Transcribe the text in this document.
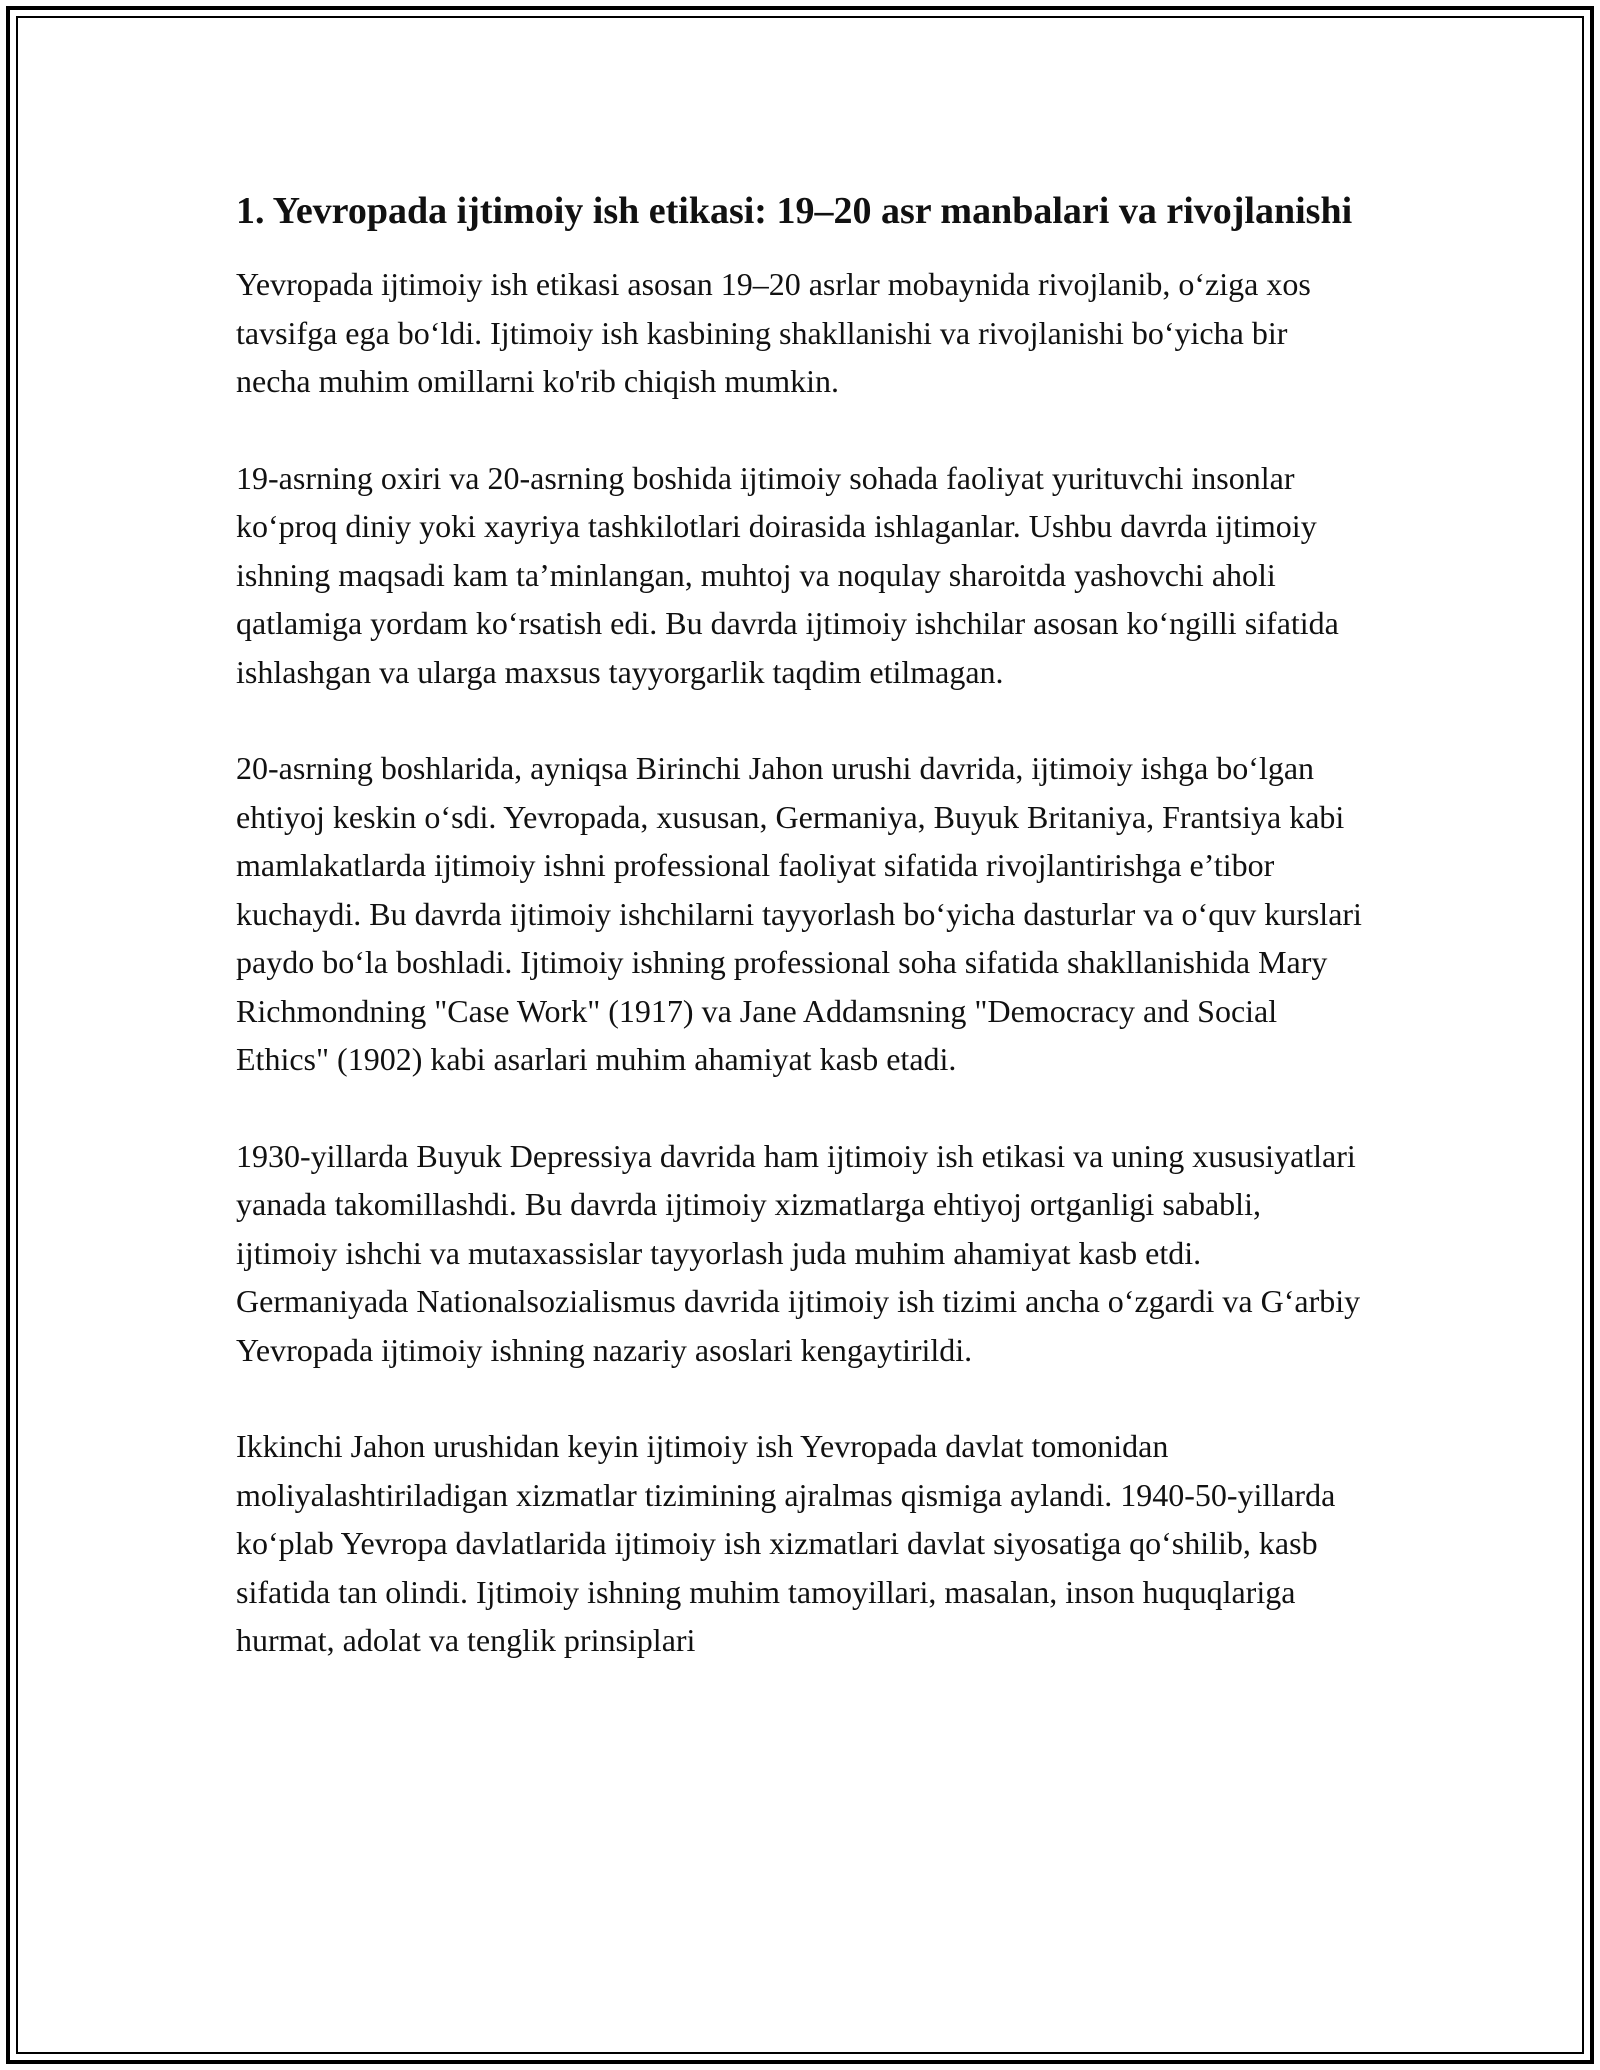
1. Yevropada ijtimoiy ish etikasi: 19–20 asr manbalari va rivojlanishi

Yevropada ijtimoiy ish etikasi asosan 19–20 asrlar mobaynida rivojlanib, o‘ziga xos tavsifga ega bo‘ldi. Ijtimoiy ish kasbining shakllanishi va rivojlanishi bo‘yicha bir necha muhim omillarni ko'rib chiqish mumkin.

19-asrning oxiri va 20-asrning boshida ijtimoiy sohada faoliyat yurituvchi insonlar ko‘proq diniy yoki xayriya tashkilotlari doirasida ishlaganlar. Ushbu davrda ijtimoiy ishning maqsadi kam ta’minlangan, muhtoj va noqulay sharoitda yashovchi aholi qatlamiga yordam ko‘rsatish edi. Bu davrda ijtimoiy ishchilar asosan ko‘ngilli sifatida ishlashgan va ularga maxsus tayyorgarlik taqdim etilmagan.

20-asrning boshlarida, ayniqsa Birinchi Jahon urushi davrida, ijtimoiy ishga bo‘lgan ehtiyoj keskin o‘sdi. Yevropada, xususan, Germaniya, Buyuk Britaniya, Frantsiya kabi mamlakatlarda ijtimoiy ishni professional faoliyat sifatida rivojlantirishga e’tibor kuchaydi. Bu davrda ijtimoiy ishchilarni tayyorlash bo‘yicha dasturlar va o‘quv kurslari paydo bo‘la boshladi. Ijtimoiy ishning professional soha sifatida shakllanishida Mary Richmondning "Case Work" (1917) va Jane Addamsning "Democracy and Social Ethics" (1902) kabi asarlari muhim ahamiyat kasb etadi.

1930-yillarda Buyuk Depressiya davrida ham ijtimoiy ish etikasi va uning xususiyatlari yanada takomillashdi. Bu davrda ijtimoiy xizmatlarga ehtiyoj ortganligi sababli, ijtimoiy ishchi va mutaxassislar tayyorlash juda muhim ahamiyat kasb etdi. Germaniyada Nationalsozialismus davrida ijtimoiy ish tizimi ancha o‘zgardi va G‘arbiy Yevropada ijtimoiy ishning nazariy asoslari kengaytirildi.

Ikkinchi Jahon urushidan keyin ijtimoiy ish Yevropada davlat tomonidan moliyalashtiriladigan xizmatlar tizimining ajralmas qismiga aylandi. 1940-50-yillarda ko‘plab Yevropa davlatlarida ijtimoiy ish xizmatlari davlat siyosatiga qo‘shilib, kasb sifatida tan olindi. Ijtimoiy ishning muhim tamoyillari, masalan, inson huquqlariga hurmat, adolat va tenglik prinsiplari
